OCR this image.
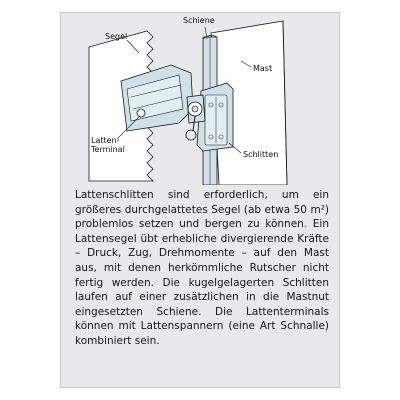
Schiene
Segel
Mast
Latten-
Terminal
Schlitten

Lattenschlitten sind erforderlich, um ein größeres durchgelattetes Segel (ab etwa 50 m²) problemlos setzen und bergen zu können. Ein Lattensegel übt erhebliche divergierende Kräfte – Druck, Zug, Drehmomente – auf den Mast aus, mit denen herkömmliche Rutscher nicht fertig werden. Die kugelgelagerten Schlitten laufen auf einer zusätzlichen in die Mastnut eingesetzten Schiene. Die Lattenterminals können mit Lattenspannern (eine Art Schnalle) kombiniert sein.
